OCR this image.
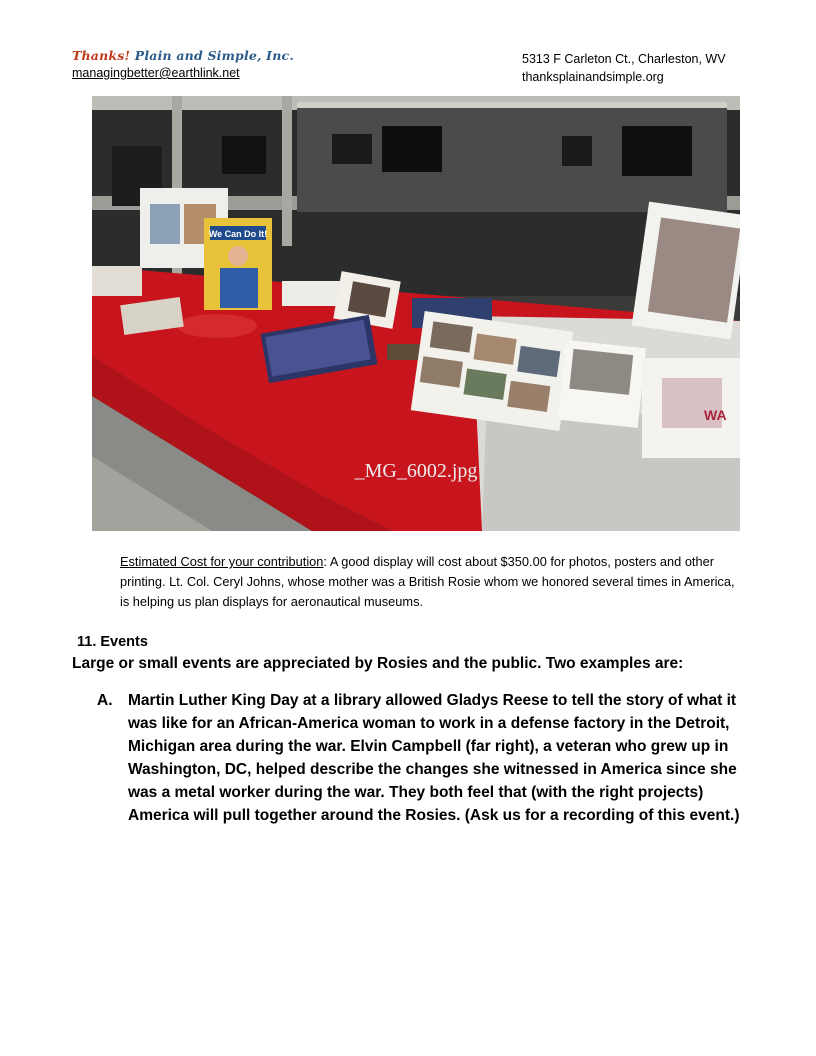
Thanks! Plain and Simple, Inc.
managingbetter@earthlink.net
5313 F Carleton Ct., Charleston, WV
thanksplainandsimple.org
We Can Do It!
WA
_MG_6002.jpg
Estimated Cost for your contribution: A good display will cost about $350.00 for photos, posters and other printing. Lt. Col. Ceryl Johns, whose mother was a British Rosie whom we honored several times in America, is helping us plan displays for aeronautical museums.
11. Events
Large or small events are appreciated by Rosies and the public. Two examples are:
A.	Martin Luther King Day at a library allowed Gladys Reese to tell the story of what it was like for an African-America woman to work in a defense factory in the Detroit, Michigan area during the war. Elvin Campbell (far right), a veteran who grew up in Washington, DC, helped describe the changes she witnessed in America since she was a metal worker during the war. They both feel that (with the right projects) America will pull together around the Rosies. (Ask us for a recording of this event.)
